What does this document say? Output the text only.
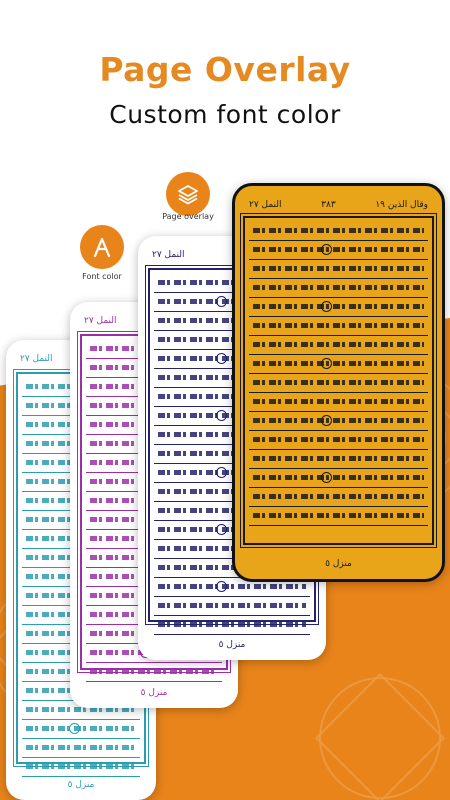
Page Overlay
Custom font color
النمل ٢٧
منزل ٥
النمل ٢٧
منزل ٥
النمل ٢٧
منزل ٥
النمل ٢٧	٣٨٣	وقال الذين ١٩
منزل ٥
Font color
Page overlay
